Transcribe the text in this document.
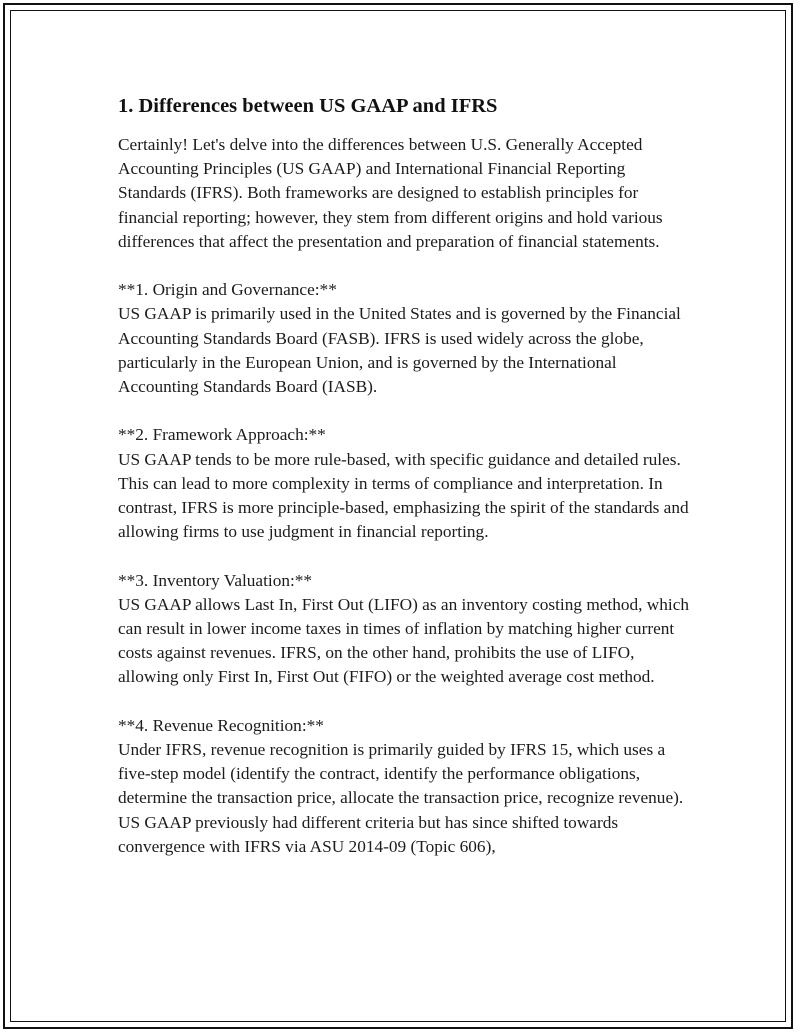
1. Differences between US GAAP and IFRS

Certainly! Let's delve into the differences between U.S. Generally Accepted Accounting Principles (US GAAP) and International Financial Reporting Standards (IFRS). Both frameworks are designed to establish principles for financial reporting; however, they stem from different origins and hold various differences that affect the presentation and preparation of financial statements.

**1. Origin and Governance:**
US GAAP is primarily used in the United States and is governed by the Financial Accounting Standards Board (FASB). IFRS is used widely across the globe, particularly in the European Union, and is governed by the International Accounting Standards Board (IASB).

**2. Framework Approach:**
US GAAP tends to be more rule-based, with specific guidance and detailed rules. This can lead to more complexity in terms of compliance and interpretation. In contrast, IFRS is more principle-based, emphasizing the spirit of the standards and allowing firms to use judgment in financial reporting.

**3. Inventory Valuation:**
US GAAP allows Last In, First Out (LIFO) as an inventory costing method, which can result in lower income taxes in times of inflation by matching higher current costs against revenues. IFRS, on the other hand, prohibits the use of LIFO, allowing only First In, First Out (FIFO) or the weighted average cost method.

**4. Revenue Recognition:**
Under IFRS, revenue recognition is primarily guided by IFRS 15, which uses a five-step model (identify the contract, identify the performance obligations, determine the transaction price, allocate the transaction price, recognize revenue). US GAAP previously had different criteria but has since shifted towards convergence with IFRS via ASU 2014-09 (Topic 606),
